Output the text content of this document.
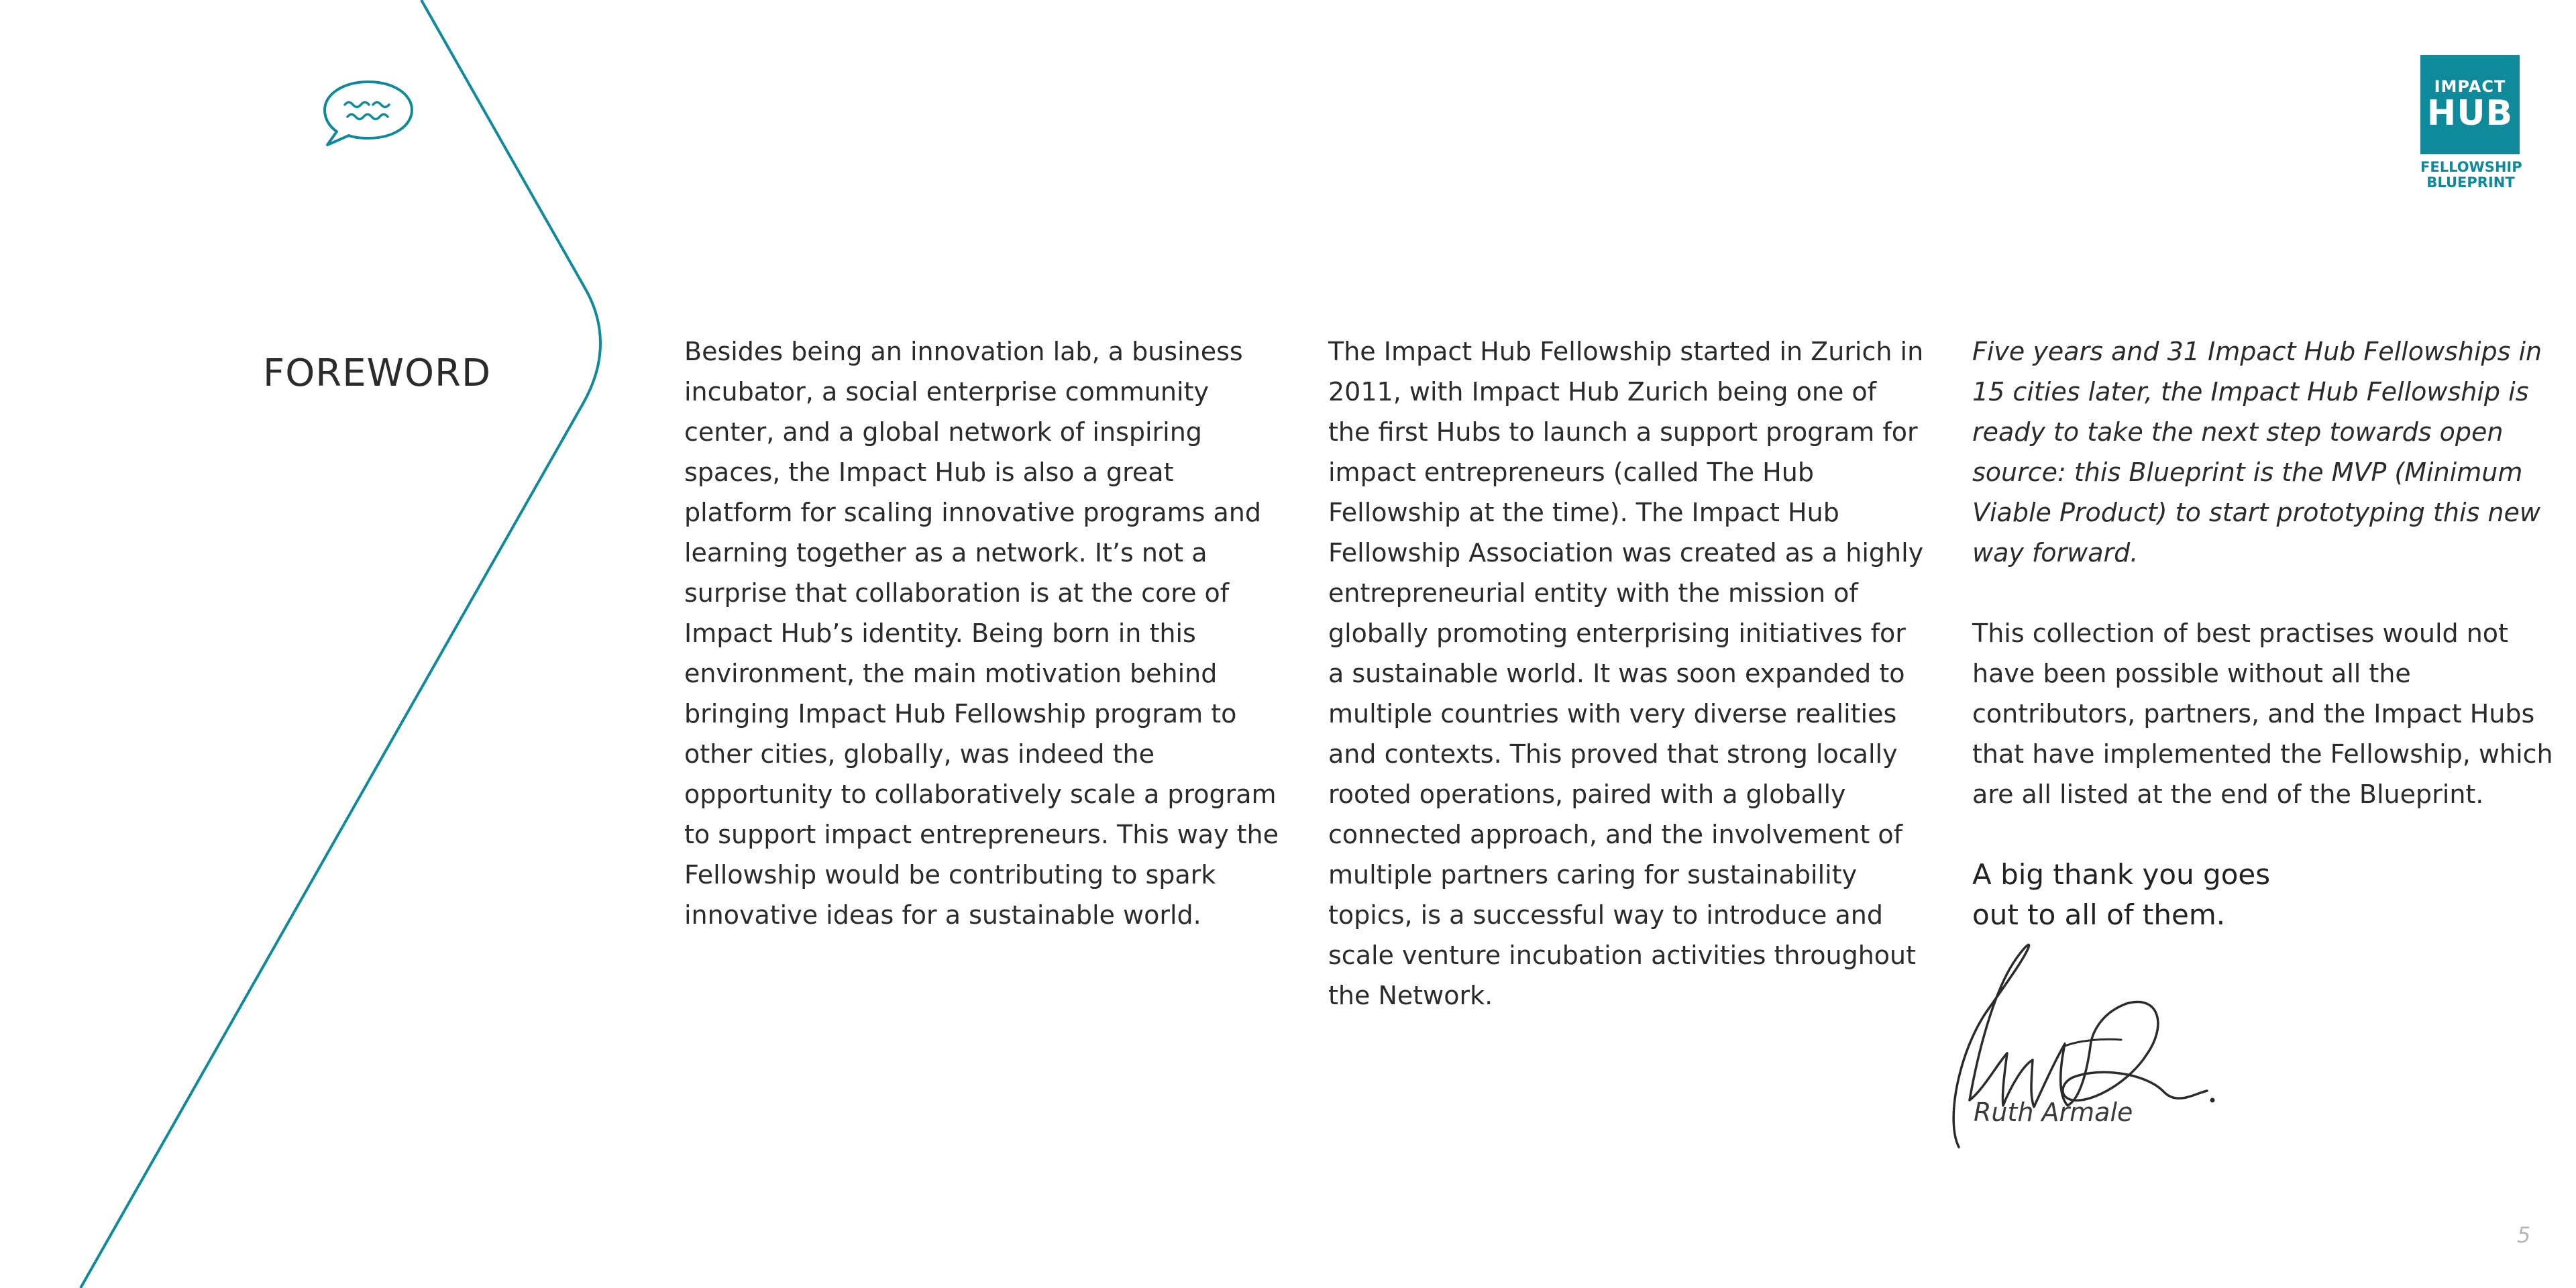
IMPACT
HUB
FELLOWSHIP
BLUEPRINT
FOREWORD	Besides being an innovation lab, a business incubator, a social enterprise community center, and a global network of inspiring spaces, the Impact Hub is also a great platform for scaling innovative programs and learning together as a network. It’s not a surprise that collaboration is at the core of Impact Hub’s identity. Being born in this environment, the main motivation behind bringing Impact Hub Fellowship program to other cities, globally, was indeed the opportunity to collaboratively scale a program to support impact entrepreneurs. This way the Fellowship would be contributing to spark innovative ideas for a sustainable world.

The Impact Hub Fellowship started in Zurich in 2011, with Impact Hub Zurich being one of the first Hubs to launch a support program for impact entrepreneurs (called The Hub Fellowship at the time). The Impact Hub Fellowship Association was created as a highly entrepreneurial entity with the mission of globally promoting enterprising initiatives for a sustainable world. It was soon expanded to multiple countries with very diverse realities and contexts. This proved that strong locally rooted operations, paired with a globally connected approach, and the involvement of multiple partners caring for sustainability topics, is a successful way to introduce and scale venture incubation activities throughout the Network.

Five years and 31 Impact Hub Fellowships in 15 cities later, the Impact Hub Fellowship is ready to take the next step towards open source: this Blueprint is the MVP (Minimum Viable Product) to start prototyping this new way forward.

This collection of best practises would not have been possible without all the contributors, partners, and the Impact Hubs that have implemented the Fellowship, which are all listed at the end of the Blueprint.

A big thank you goes
out to all of them.
Ruth Armale
5
